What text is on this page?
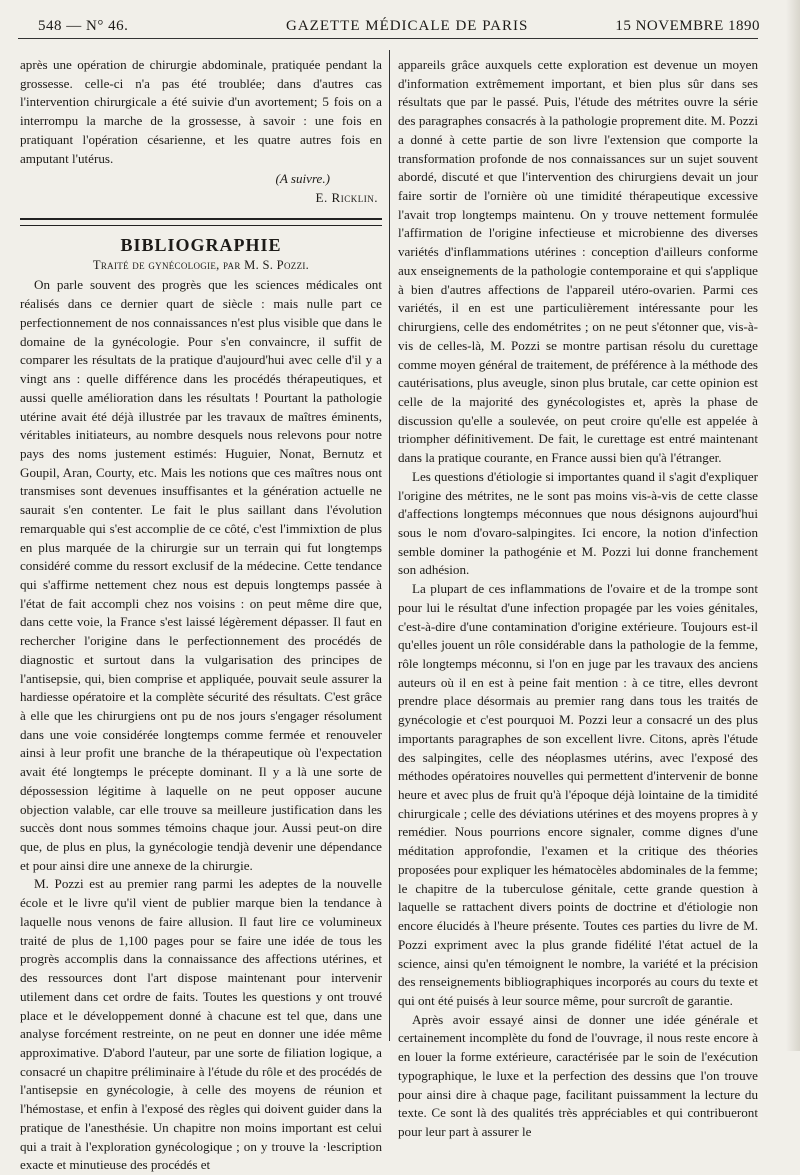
548 — N° 46.	GAZETTE MÉDICALE DE PARIS	15 NOVEMBRE 1890

après une opération de chirurgie abdominale, pratiquée pendant la grossesse. celle-ci n'a pas été troublée; dans d'autres cas l'intervention chirurgicale a été suivie d'un avortement; 5 fois on a interrompu la marche de la grossesse, à savoir : une fois en pratiquant l'opération césarienne, et les quatre autres fois en amputant l'utérus.

(A suivre.)
E. Ricklin.
BIBLIOGRAPHIE
Traité de gynécologie, par M. S. Pozzi.

On parle souvent des progrès que les sciences médicales ont réalisés dans ce dernier quart de siècle : mais nulle part ce perfectionnement de nos connaissances n'est plus visible que dans le domaine de la gynécologie. Pour s'en convaincre, il suffit de comparer les résultats de la pratique d'aujourd'hui avec celle d'il y a vingt ans : quelle différence dans les procédés thérapeutiques, et aussi quelle amélioration dans les résultats ! Pourtant la pathologie utérine avait été déjà illustrée par les travaux de maîtres éminents, véritables initiateurs, au nombre desquels nous relevons pour notre pays des noms justement estimés: Huguier, Nonat, Bernutz et Goupil, Aran, Courty, etc. Mais les notions que ces maîtres nous ont transmises sont devenues insuffisantes et la génération actuelle ne saurait s'en contenter. Le fait le plus saillant dans l'évolution remarquable qui s'est accomplie de ce côté, c'est l'immixtion de plus en plus marquée de la chirurgie sur un terrain qui fut longtemps considéré comme du ressort exclusif de la médecine. Cette tendance qui s'affirme nettement chez nous est depuis longtemps passée à l'état de fait accompli chez nos voisins : on peut même dire que, dans cette voie, la France s'est laissé légèrement dépasser. Il faut en rechercher l'origine dans le perfectionnement des procédés de diagnostic et surtout dans la vulgarisation des principes de l'antisepsie, qui, bien comprise et appliquée, pouvait seule assurer la hardiesse opératoire et la complète sécurité des résultats. C'est grâce à elle que les chirurgiens ont pu de nos jours s'engager résolument dans une voie considérée longtemps comme fermée et renouveler ainsi à leur profit une branche de la thérapeutique où l'expectation avait été longtemps le précepte dominant. Il y a là une sorte de dépossession légitime à laquelle on ne peut opposer aucune objection valable, car elle trouve sa meilleure justification dans les succès dont nous sommes témoins chaque jour. Aussi peut-on dire que, de plus en plus, la gynécologie tendjà devenir une dépendance et pour ainsi dire une annexe de la chirurgie.

M. Pozzi est au premier rang parmi les adeptes de la nouvelle école et le livre qu'il vient de publier marque bien la tendance à laquelle nous venons de faire allusion. Il faut lire ce volumineux traité de plus de 1,100 pages pour se faire une idée de tous les progrès accomplis dans la connaissance des affections utérines, et des ressources dont l'art dispose maintenant pour intervenir utilement dans cet ordre de faits. Toutes les questions y ont trouvé place et le développement donné à chacune est tel que, dans une analyse forcément restreinte, on ne peut en donner une idée même approximative. D'abord l'auteur, par une sorte de filiation logique, a consacré un chapitre préliminaire à l'étude du rôle et des procédés de l'antisepsie en gynécologie, à celle des moyens de réunion et l'hémostase, et enfin à l'exposé des règles qui doivent guider dans la pratique de l'anesthésie. Un chapitre non moins important est celui qui a trait à l'exploration gynécologique ; on y trouve la ·lescription exacte et minutieuse des procédés et

appareils grâce auxquels cette exploration est devenue un moyen d'information extrêmement important, et bien plus sûr dans ses résultats que par le passé. Puis, l'étude des métrites ouvre la série des paragraphes consacrés à la pathologie proprement dite. M. Pozzi a donné à cette partie de son livre l'extension que comporte la transformation profonde de nos connaissances sur un sujet souvent abordé, discuté et que l'intervention des chirurgiens devait un jour faire sortir de l'ornière où une timidité thérapeutique excessive l'avait trop longtemps maintenu. On y trouve nettement formulée l'affirmation de l'origine infectieuse et microbienne des diverses variétés d'inflammations utérines : conception d'ailleurs conforme aux enseignements de la pathologie contemporaine et qui s'applique à bien d'autres affections de l'appareil utéro-ovarien. Parmi ces variétés, il en est une particulièrement intéressante pour les chirurgiens, celle des endométrites ; on ne peut s'étonner que, vis-à-vis de celles-là, M. Pozzi se montre partisan résolu du curettage comme moyen général de traitement, de préférence à la méthode des cautérisations, plus aveugle, sinon plus brutale, car cette opinion est celle de la majorité des gynécologistes et, après la phase de discussion qu'elle a soulevée, on peut croire qu'elle est appelée à triompher définitivement. De fait, le curettage est entré maintenant dans la pratique courante, en France aussi bien qu'à l'étranger.

Les questions d'étiologie si importantes quand il s'agit d'expliquer l'origine des métrites, ne le sont pas moins vis-à-vis de cette classe d'affections longtemps méconnues que nous désignons aujourd'hui sous le nom d'ovaro-salpingites. Ici encore, la notion d'infection semble dominer la pathogénie et M. Pozzi lui donne franchement son adhésion.

La plupart de ces inflammations de l'ovaire et de la trompe sont pour lui le résultat d'une infection propagée par les voies génitales, c'est-à-dire d'une contamination d'origine extérieure. Toujours est-il qu'elles jouent un rôle considérable dans la pathologie de la femme, rôle longtemps méconnu, si l'on en juge par les travaux des anciens auteurs où il en est à peine fait mention : à ce titre, elles devront prendre place désormais au premier rang dans tous les traités de gynécologie et c'est pourquoi M. Pozzi leur a consacré un des plus importants paragraphes de son excellent livre. Citons, après l'étude des salpingites, celle des néoplasmes utérins, avec l'exposé des méthodes opératoires nouvelles qui permettent d'intervenir de bonne heure et avec plus de fruit qu'à l'époque déjà lointaine de la timidité chirurgicale ; celle des déviations utérines et des moyens propres à y remédier. Nous pourrions encore signaler, comme dignes d'une méditation approfondie, l'examen et la critique des théories proposées pour expliquer les hématocèles abdominales de la femme; le chapitre de la tuberculose génitale, cette grande question à laquelle se rattachent divers points de doctrine et d'étiologie non encore élucidés à l'heure présente. Toutes ces parties du livre de M. Pozzi expriment avec la plus grande fidélité l'état actuel de la science, ainsi qu'en témoignent le nombre, la variété et la précision des renseignements bibliographiques incorporés au cours du texte et qui ont été puisés à leur source même, pour surcroît de garantie.

Après avoir essayé ainsi de donner une idée générale et certainement incomplète du fond de l'ouvrage, il nous reste encore à en louer la forme extérieure, caractérisée par le soin de l'exécution typographique, le luxe et la perfection des dessins que l'on trouve pour ainsi dire à chaque page, facilitant puissamment la lecture du texte. Ce sont là des qualités très appréciables et qui contribueront pour leur part à assurer le
